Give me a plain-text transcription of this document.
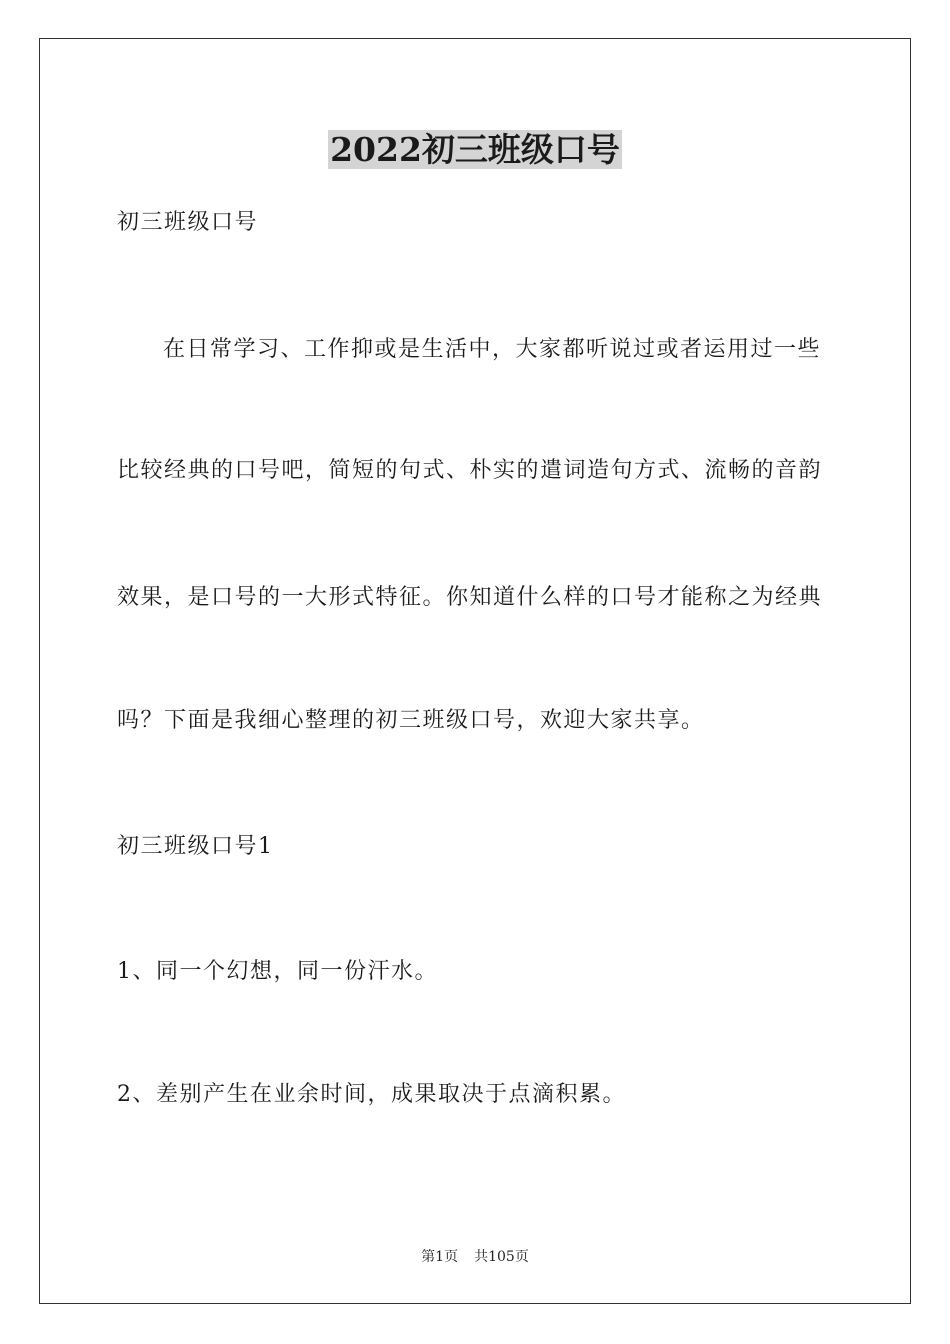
2022初三班级口号
初三班级口号
在日常学习、工作抑或是生活中，大家都听说过或者运用过一些
比较经典的口号吧，简短的句式、朴实的遣词造句方式、流畅的音韵
效果，是口号的一大形式特征。你知道什么样的口号才能称之为经典
吗？下面是我细心整理的初三班级口号，欢迎大家共享。
初三班级口号1
1、同一个幻想，同一份汗水。
2、差别产生在业余时间，成果取决于点滴积累。
第1页 共105页
